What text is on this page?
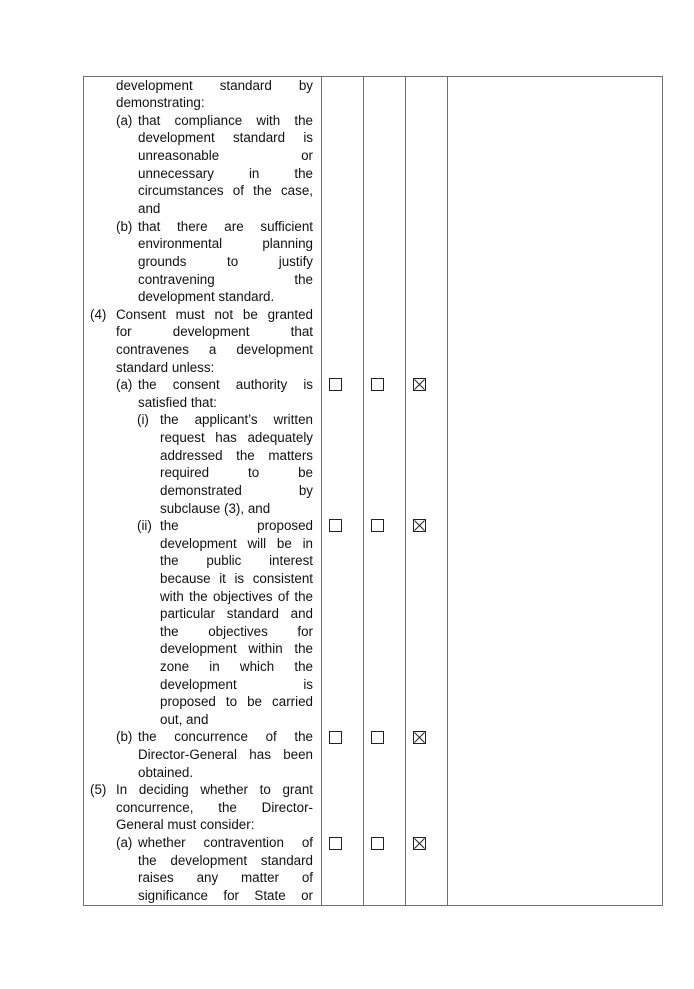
(a)
(b)
(4)
(a)
(i)
(ii)
(b)
(5)
(a)
development standard by
demonstrating:
that compliance with the
development standard is
unreasonable or
unnecessary in the
circumstances of the case,
and
that there are sufficient
environmental planning
grounds to justify
contravening the
development standard.
Consent must not be granted
for development that
contravenes a development
standard unless:
the consent authority is
satisfied that:
the applicant’s written
request has adequately
addressed the matters
required to be
demonstrated by
subclause (3), and
the proposed
development will be in
the public interest
because it is consistent
with the objectives of the
particular standard and
the objectives for
development within the
zone in which the
development is
proposed to be carried
out, and
the concurrence of the
Director-General has been
obtained.
In deciding whether to grant
concurrence, the Director-
General must consider:
whether contravention of
the development standard
raises any matter of
significance for State or
